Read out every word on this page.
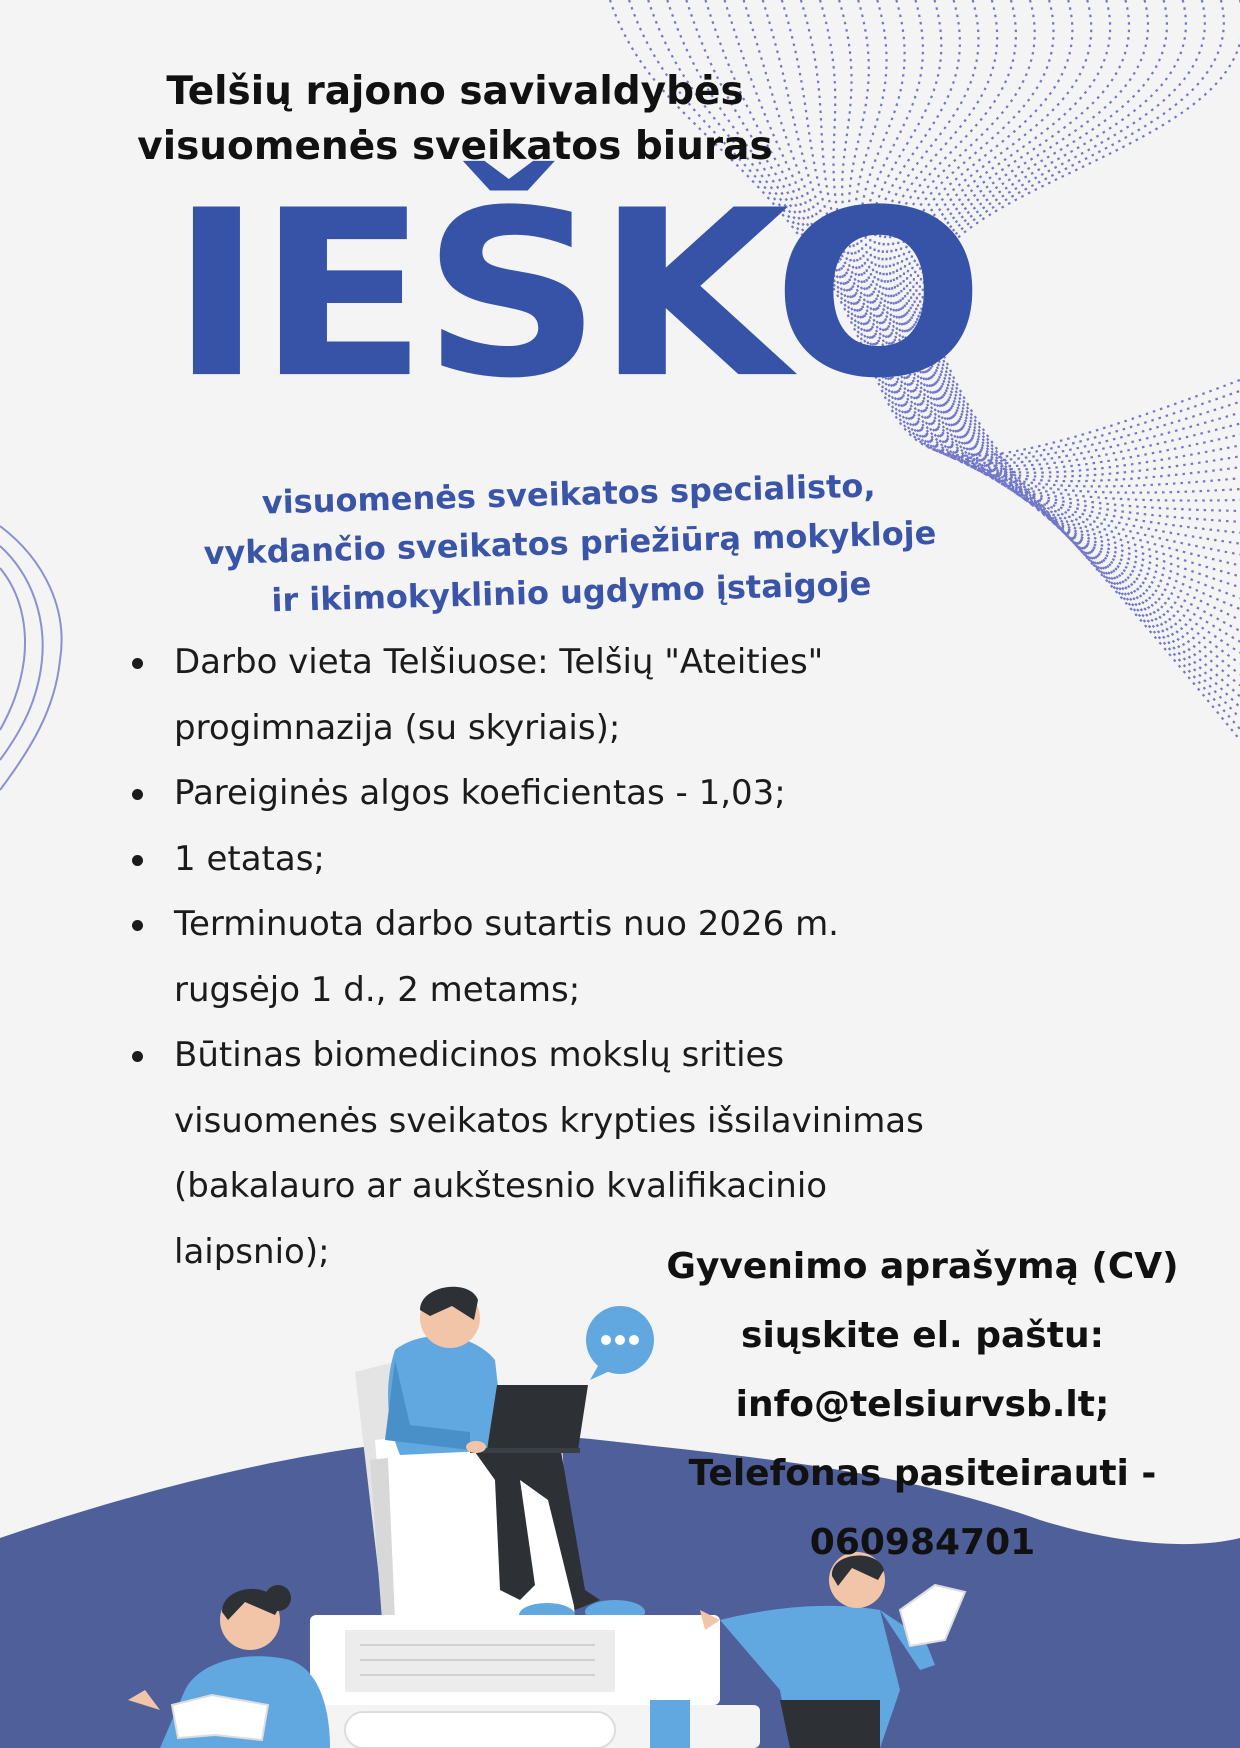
Telšių rajono savivaldybės
visuomenės sveikatos biuras
IEŠKO
visuomenės sveikatos specialisto,
vykdančio sveikatos priežiūrą mokykloje
ir ikimokyklinio ugdymo įstaigoje
Darbo vieta Telšiuose: Telšių "Ateities"
progimnazija (su skyriais);
Pareiginės algos koeficientas - 1,03;
1 etatas;
Terminuota darbo sutartis nuo 2026 m.
rugsėjo 1 d., 2 metams;
Būtinas biomedicinos mokslų srities
visuomenės sveikatos krypties išsilavinimas
(bakalauro ar aukštesnio kvalifikacinio
laipsnio);	Gyvenimo aprašymą (CV)
siųskite el. paštu:
info@telsiurvsb.lt;
Telefonas pasiteirauti -
060984701
